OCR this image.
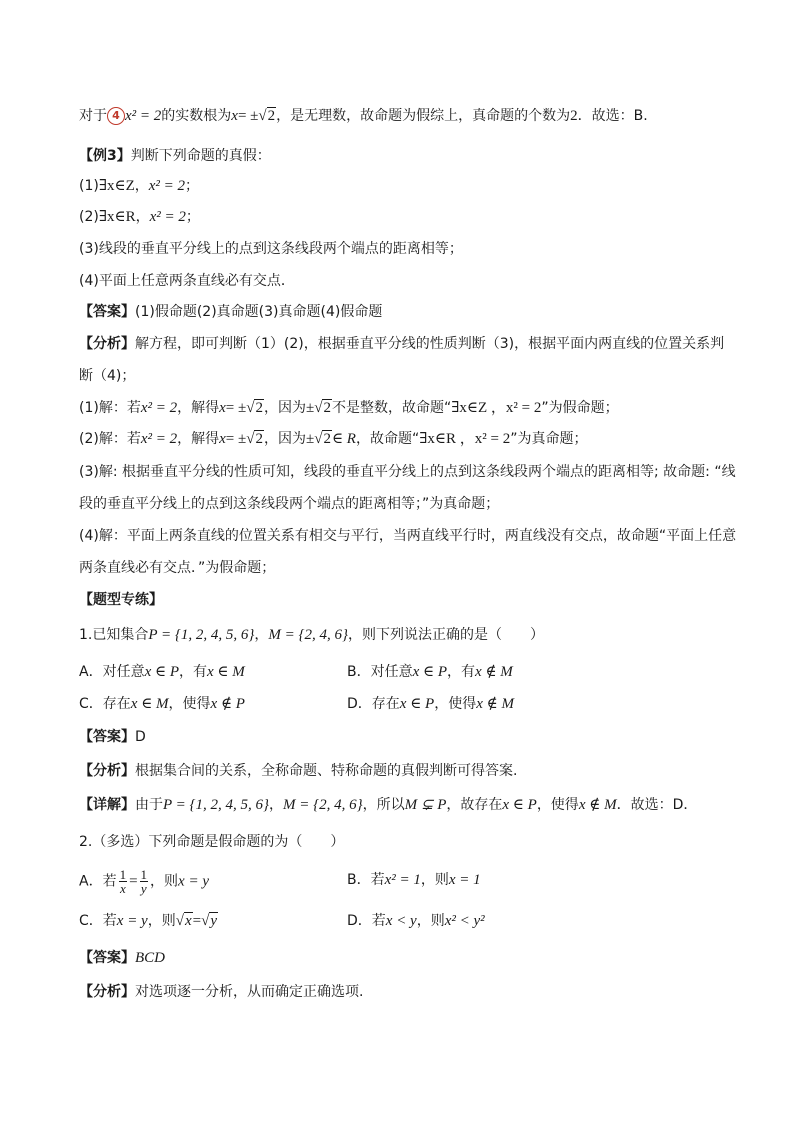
对于 4 x² = 2的实数根为x= ±√2，是无理数，故命题为假综上，真命题的个数为2．故选：B.
【例3】判断下列命题的真假：
(1)∃x∈Z，x² = 2；
(2)∃x∈R，x² = 2；
(3)线段的垂直平分线上的点到这条线段两个端点的距离相等；
(4)平面上任意两条直线必有交点．
【答案】(1)假命题(2)真命题(3)真命题(4)假命题
【分析】解方程，即可判断（1）(2)，根据垂直平分线的性质判断（3)，根据平面内两直线的位置关系判
断（4)；
(1)解：若x² = 2，解得x= ±√2，因为±√2不是整数，故命题“∃x∈Z ，x² = 2”为假命题；
(2)解：若x² = 2，解得x= ±√2，因为±√2∈ R，故命题“∃x∈R ，x² = 2”为真命题；
(3)解: 根据垂直平分线的性质可知，线段的垂直平分线上的点到这条线段两个端点的距离相等; 故命题: “线
段的垂直平分线上的点到这条线段两个端点的距离相等；”为真命题；
(4)解：平面上两条直线的位置关系有相交与平行，当两直线平行时，两直线没有交点，故命题“平面上任意
两条直线必有交点．”为假命题；
【题型专练】
1.已知集合P = {1, 2, 4, 5, 6}，M = {2, 4, 6}，则下列说法正确的是（　　）
A．对任意x ∈ P，有x ∈ M	B．对任意x ∈ P，有x ∉ M
C．存在x ∈ M，使得x ∉ P	D．存在x ∈ P，使得x ∉ M
【答案】D
【分析】根据集合间的关系，全称命题、特称命题的真假判断可得答案.
【详解】由于P = {1, 2, 4, 5, 6}，M = {2, 4, 6}，所以M ⊊ P，故存在x ∈ P，使得x ∉ M．故选：D．
2.（多选）下列命题是假命题的为（　　）
A．若 $\frac{1}{x} = \frac{1}{y}$ ，则x = y	B．若x² = 1，则x = 1
C．若x = y，则√x=√y	D．若x < y，则x² < y²
【答案】BCD
【分析】对选项逐一分析，从而确定正确选项.
